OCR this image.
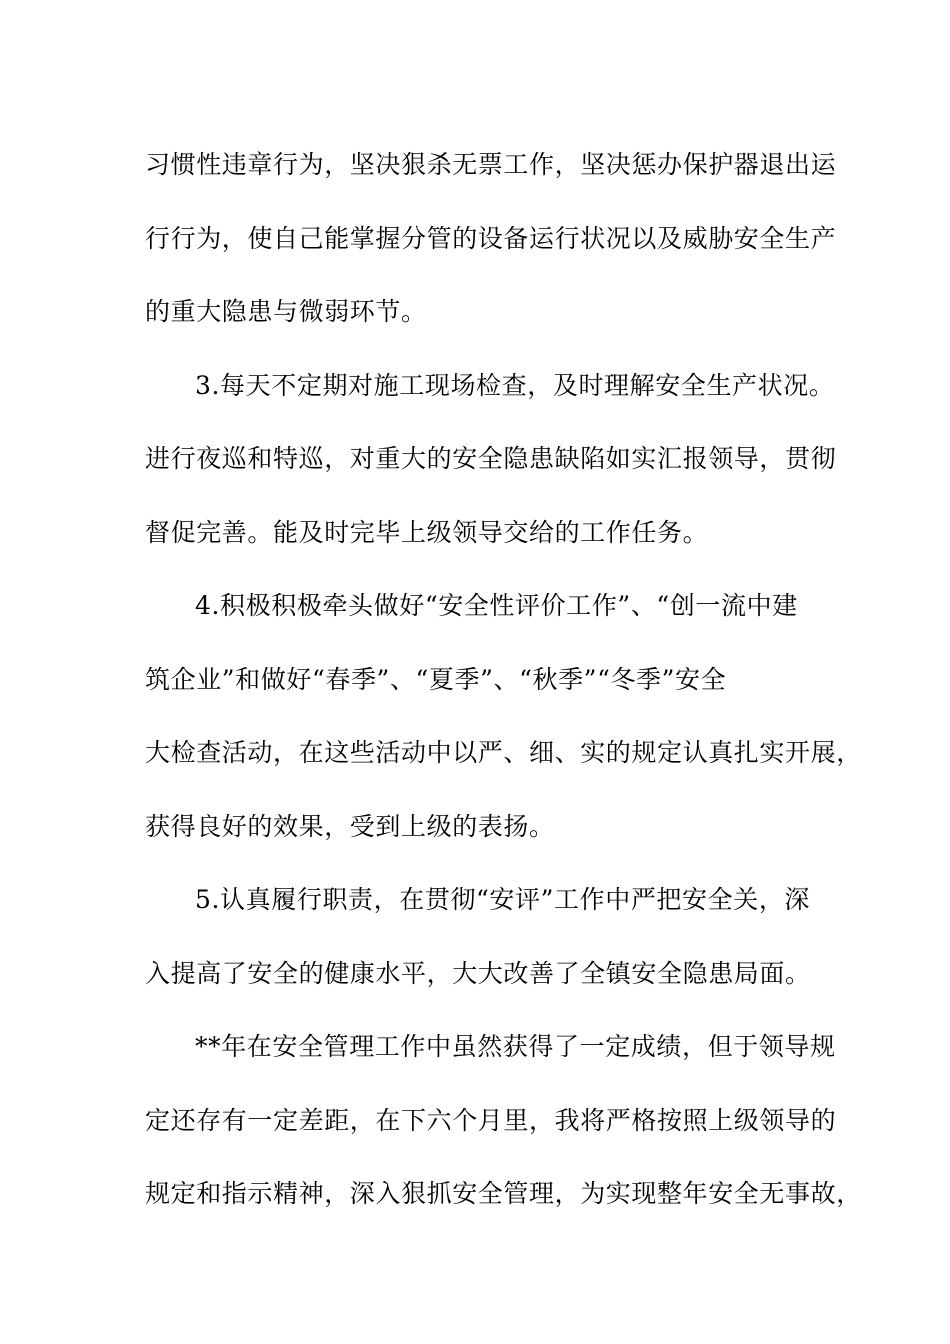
习惯性违章行为，坚决狠杀无票工作，坚决惩办保护器退出运
行行为，使自己能掌握分管的设备运行状况以及威胁安全生产
的重大隐患与微弱环节。
3.每天不定期对施工现场检查，及时理解安全生产状况。
进行夜巡和特巡，对重大的安全隐患缺陷如实汇报领导，贯彻
督促完善。能及时完毕上级领导交给的工作任务。
4.积极积极牵头做好“安全性评价工作”、“创一流中建
筑企业”和做好“春季”、“夏季”、“秋季”“冬季”安全
大检查活动，在这些活动中以严、细、实的规定认真扎实开展，
获得良好的效果，受到上级的表扬。
5.认真履行职责，在贯彻“安评”工作中严把安全关，深
入提高了安全的健康水平，大大改善了全镇安全隐患局面。
**年在安全管理工作中虽然获得了一定成绩，但于领导规
定还存有一定差距，在下六个月里，我将严格按照上级领导的
规定和指示精神，深入狠抓安全管理，为实现整年安全无事故，
